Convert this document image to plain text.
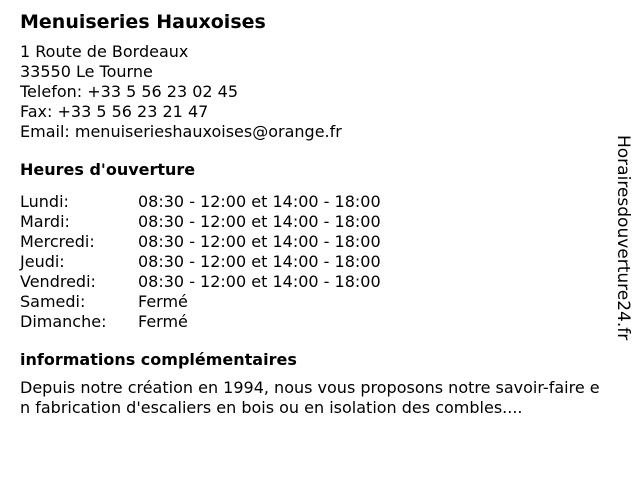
Menuiseries Hauxoises
1 Route de Bordeaux
33550 Le Tourne
Telefon: +33 5 56 23 02 45
Fax: +33 5 56 23 21 47
Email: menuiserieshauxoises@orange.fr
Heures d'ouverture
Lundi:	08:30 - 12:00 et 14:00 - 18:00
Mardi:	08:30 - 12:00 et 14:00 - 18:00
Mercredi:	08:30 - 12:00 et 14:00 - 18:00
Jeudi:	08:30 - 12:00 et 14:00 - 18:00
Vendredi:	08:30 - 12:00 et 14:00 - 18:00
Samedi:	Fermé
Dimanche:	Fermé
informations complémentaires
Depuis notre création en 1994, nous vous proposons notre savoir-faire en fabrication d'escaliers en bois ou en isolation des combles....
Horairesdouverture24.fr
